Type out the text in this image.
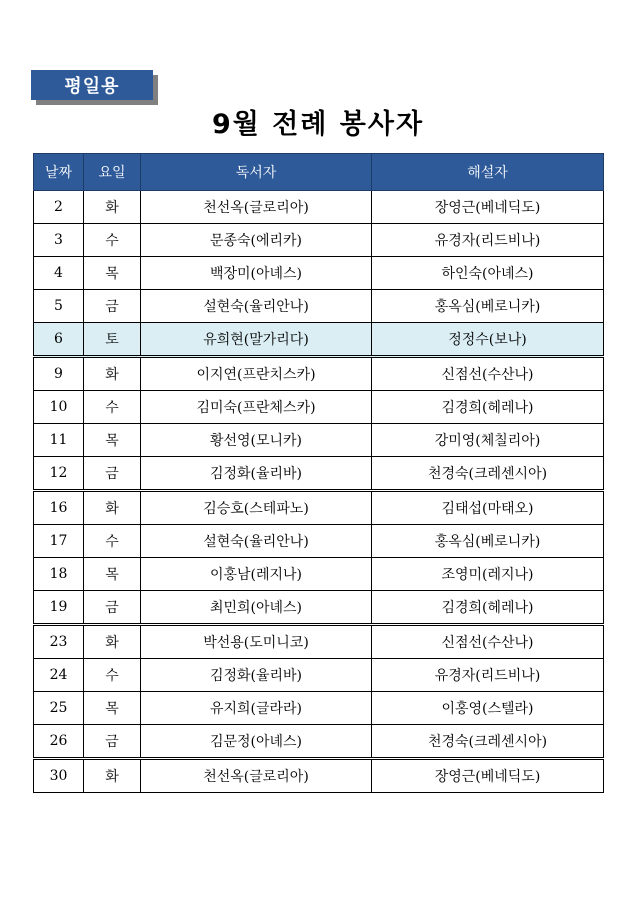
평일용
9월 전례 봉사자
날짜	요일	독서자	해설자
2	화	천선옥(글로리아)	장영근(베네딕도)
3	수	문종숙(에리카)	유경자(리드비나)
4	목	백장미(아녜스)	하인숙(아녜스)
5	금	설현숙(율리안나)	홍옥심(베로니카)
6	토	유희현(말가리다)	정정수(보나)
9	화	이지연(프란치스카)	신점선(수산나)
10	수	김미숙(프란체스카)	김경희(헤레나)
11	목	황선영(모니카)	강미영(체칠리아)
12	금	김정화(율리바)	천경숙(크레센시아)
16	화	김승호(스테파노)	김태섭(마태오)
17	수	설현숙(율리안나)	홍옥심(베로니카)
18	목	이홍남(레지나)	조영미(레지나)
19	금	최민희(아녜스)	김경희(헤레나)
23	화	박선용(도미니코)	신점선(수산나)
24	수	김정화(율리바)	유경자(리드비나)
25	목	유지희(글라라)	이홍영(스텔라)
26	금	김문정(아녜스)	천경숙(크레센시아)
30	화	천선옥(글로리아)	장영근(베네딕도)
